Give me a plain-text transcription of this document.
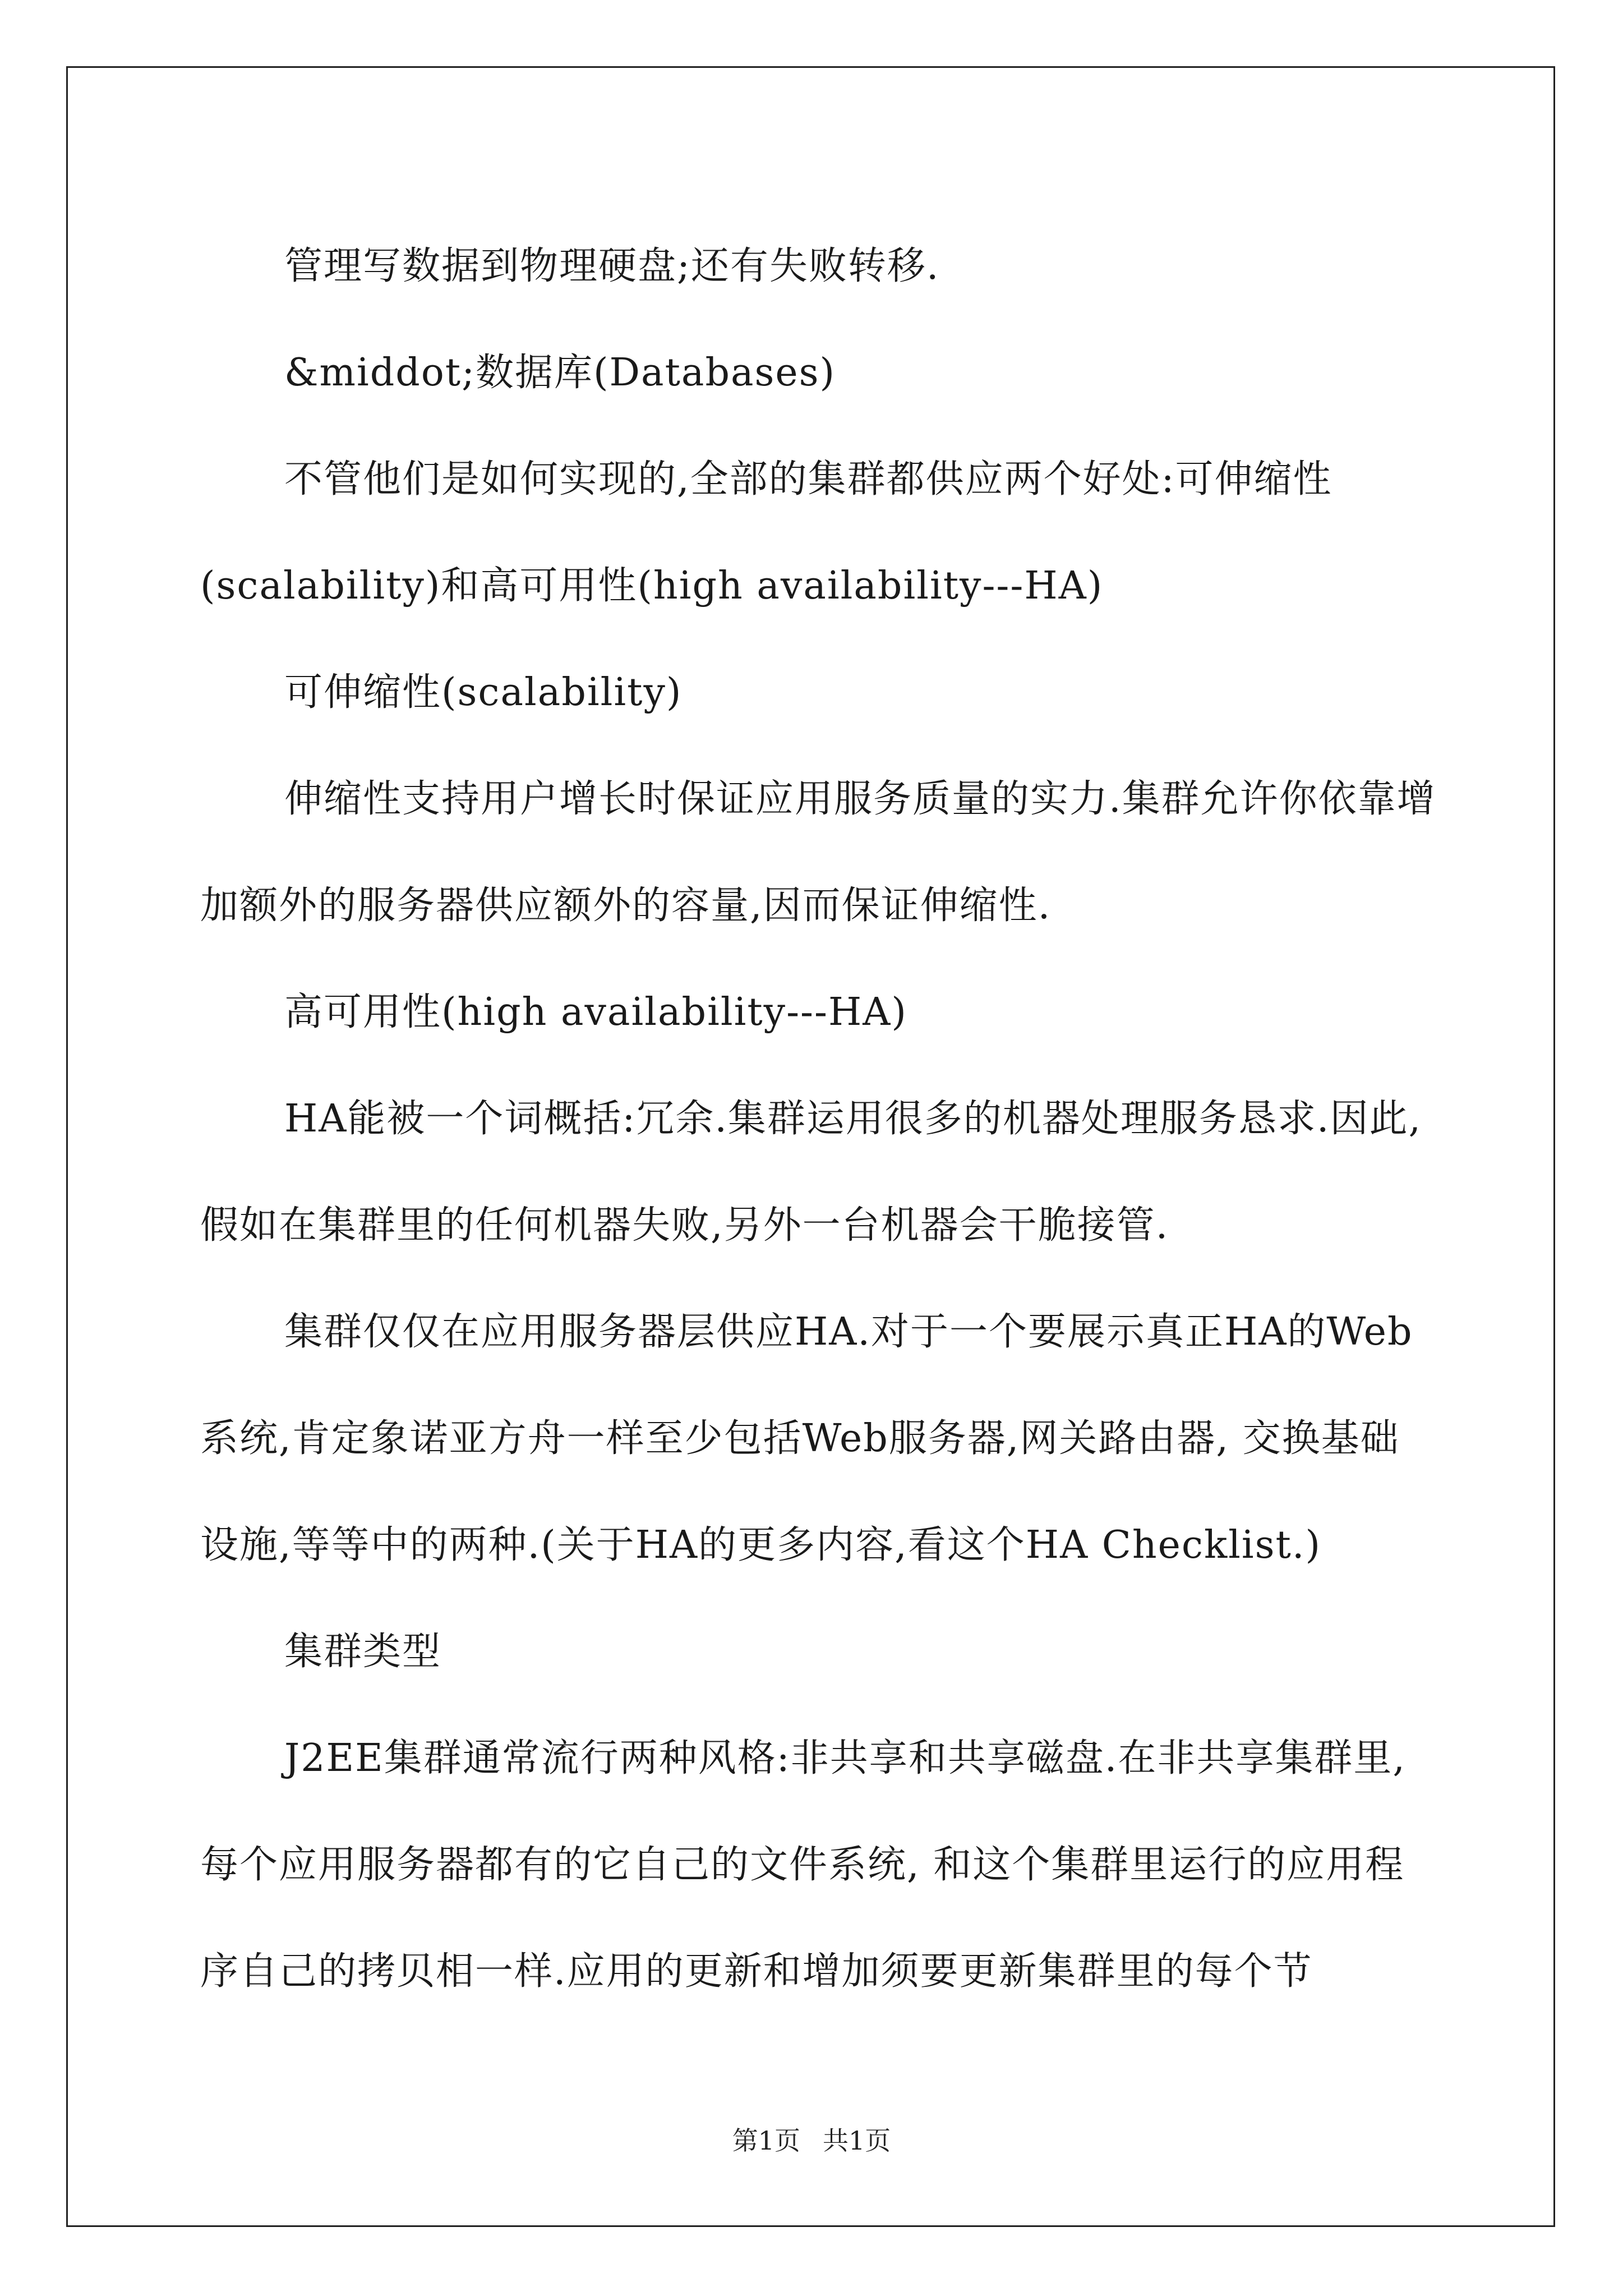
管理写数据到物理硬盘;还有失败转移.

&middot;数据库(Databases)

不管他们是如何实现的,全部的集群都供应两个好处:可伸缩性(scalability)和高可用性(high availability---HA)

可伸缩性(scalability)

伸缩性支持用户增长时保证应用服务质量的实力.集群允许你依靠增加额外的服务器供应额外的容量,因而保证伸缩性.

高可用性(high availability---HA)

HA能被一个词概括:冗余.集群运用很多的机器处理服务恳求.因此,假如在集群里的任何机器失败,另外一台机器会干脆接管.

集群仅仅在应用服务器层供应HA.对于一个要展示真正HA的Web系统,肯定象诺亚方舟一样至少包括Web服务器,网关路由器, 交换基础设施,等等中的两种.(关于HA的更多内容,看这个HA Checklist.)

集群类型

J2EE集群通常流行两种风格:非共享和共享磁盘.在非共享集群里,每个应用服务器都有的它自己的文件系统, 和这个集群里运行的应用程序自己的拷贝相一样.应用的更新和增加须要更新集群里的每个节

第1页 共1页
